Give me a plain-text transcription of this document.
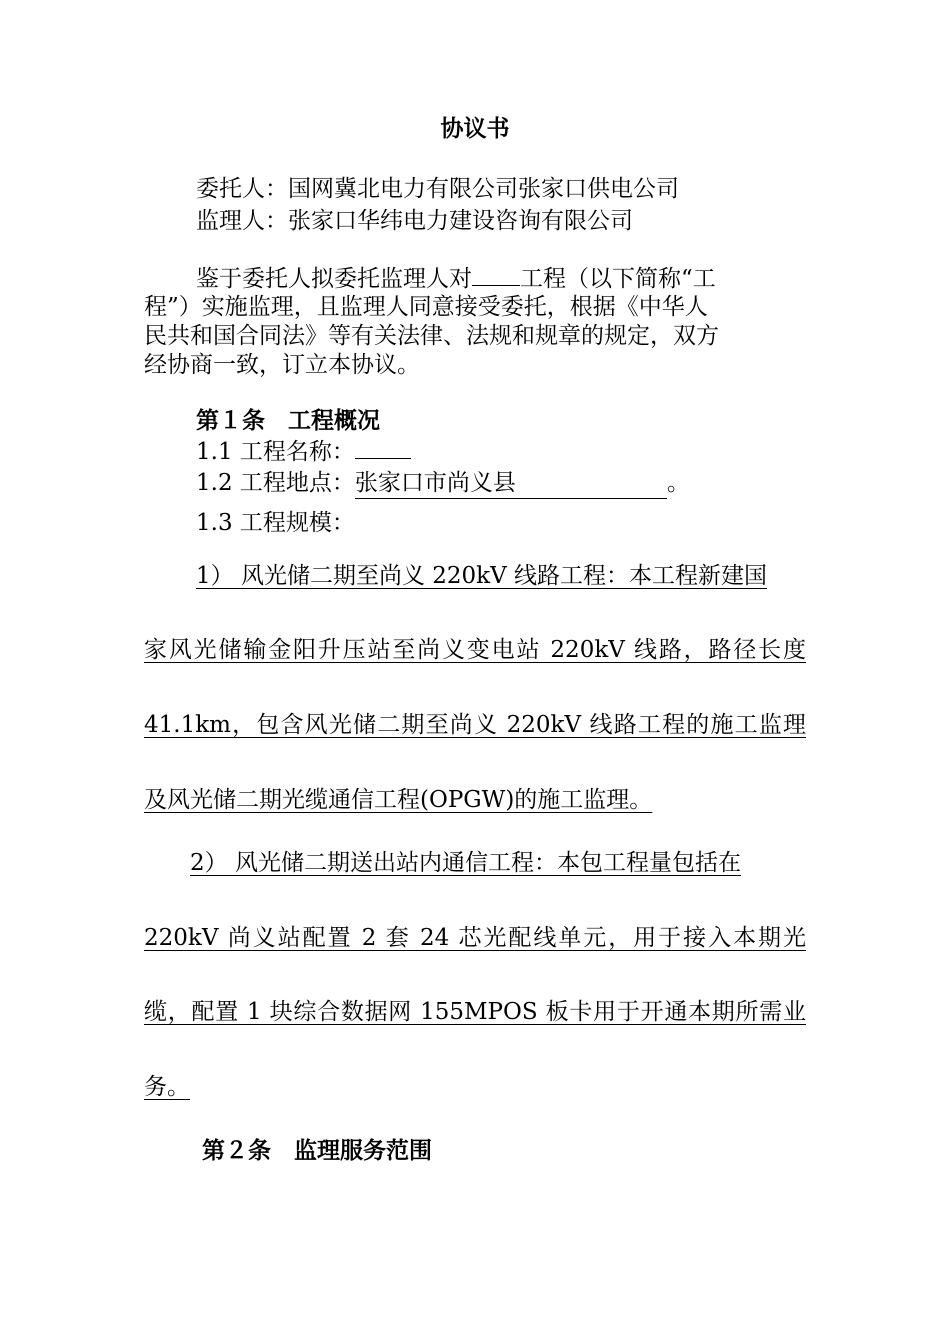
协议书
委托人：国网冀北电力有限公司张家口供电公司
监理人：张家口华纬电力建设咨询有限公司
鉴于委托人拟委托监理人对 工程（以下简称“工
程”）实施监理，且监理人同意接受委托，根据《中华人
民共和国合同法》等有关法律、法规和规章的规定，双方
经协商一致，订立本协议。
第１条　工程概况
1.1 工程名称：
1.2 工程地点：张家口市尚义县	。
1.3 工程规模：
1） 风光储二期至尚义 220kV 线路工程：本工程新建国
家风光储输金阳升压站至尚义变电站 220kV 线路，路径长度
41.1km，包含风光储二期至尚义 220kV 线路工程的施工监理
及风光储二期光缆通信工程(OPGW)的施工监理。
2） 风光储二期送出站内通信工程：本包工程量包括在
220kV 尚义站配置 2 套 24 芯光配线单元，用于接入本期光
缆，配置 1 块综合数据网 155MPOS 板卡用于开通本期所需业
务。
第２条　监理服务范围
